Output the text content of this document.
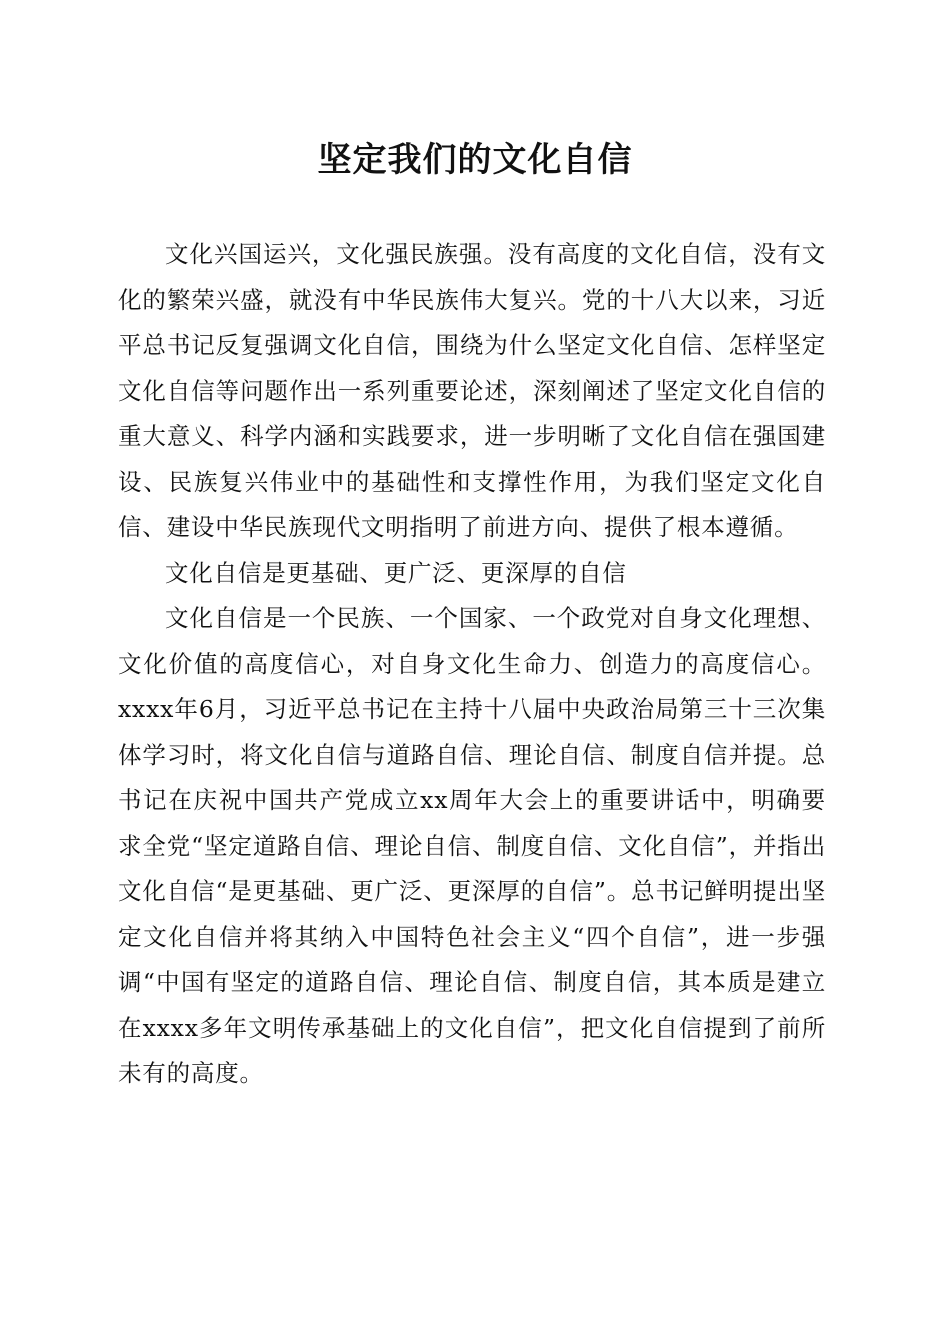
坚定我们的文化自信

文化兴国运兴，文化强民族强。没有高度的文化自信，没有文化的繁荣兴盛，就没有中华民族伟大复兴。党的十八大以来，习近平总书记反复强调文化自信，围绕为什么坚定文化自信、怎样坚定文化自信等问题作出一系列重要论述，深刻阐述了坚定文化自信的重大意义、科学内涵和实践要求，进一步明晰了文化自信在强国建设、民族复兴伟业中的基础性和支撑性作用，为我们坚定文化自信、建设中华民族现代文明指明了前进方向、提供了根本遵循。

文化自信是更基础、更广泛、更深厚的自信

文化自信是一个民族、一个国家、一个政党对自身文化理想、文化价值的高度信心，对自身文化生命力、创造力的高度信心。xxxx年6月，习近平总书记在主持十八届中央政治局第三十三次集体学习时，将文化自信与道路自信、理论自信、制度自信并提。总书记在庆祝中国共产党成立xx周年大会上的重要讲话中，明确要求全党“坚定道路自信、理论自信、制度自信、文化自信”，并指出文化自信“是更基础、更广泛、更深厚的自信”。总书记鲜明提出坚定文化自信并将其纳入中国特色社会主义“四个自信”，进一步强调“中国有坚定的道路自信、理论自信、制度自信，其本质是建立在xxxx多年文明传承基础上的文化自信”，把文化自信提到了前所未有的高度。
